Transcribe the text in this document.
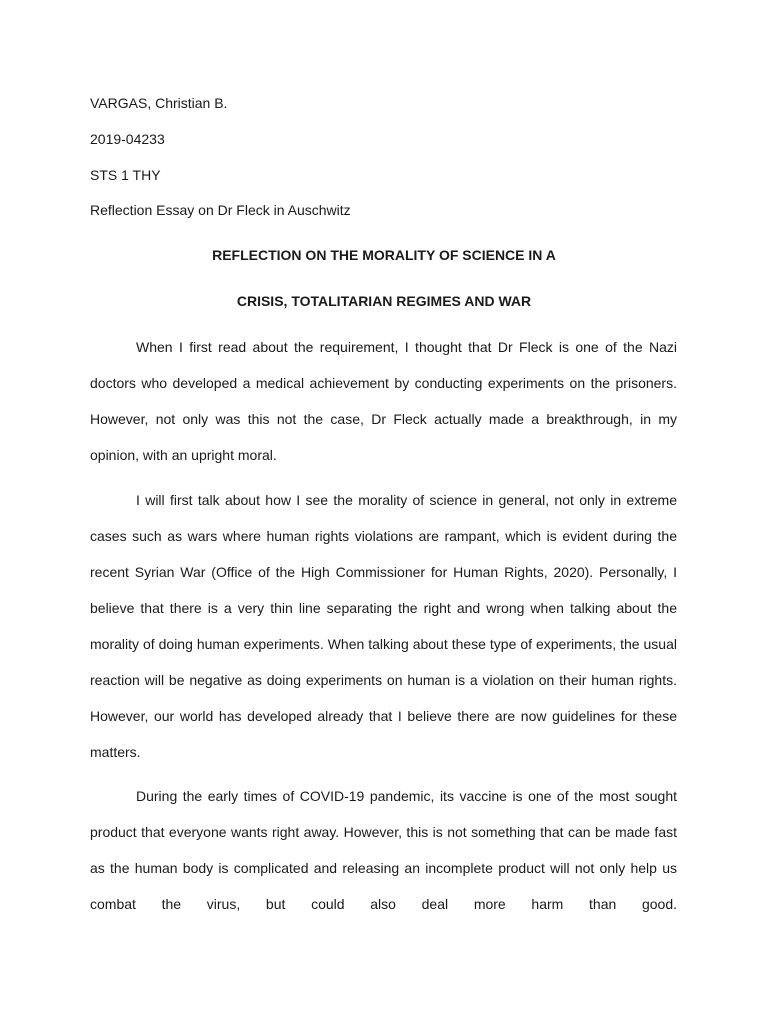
VARGAS, Christian B.

2019-04233

STS 1 THY

Reflection Essay on Dr Fleck in Auschwitz

REFLECTION ON THE MORALITY OF SCIENCE IN A

CRISIS, TOTALITARIAN REGIMES AND WAR

When I first read about the requirement, I thought that Dr Fleck is one of the Nazi doctors who developed a medical achievement by conducting experiments on the prisoners. However, not only was this not the case, Dr Fleck actually made a breakthrough, in my opinion, with an upright moral.

I will first talk about how I see the morality of science in general, not only in extreme cases such as wars where human rights violations are rampant, which is evident during the recent Syrian War (Office of the High Commissioner for Human Rights, 2020). Personally, I believe that there is a very thin line separating the right and wrong when talking about the morality of doing human experiments. When talking about these type of experiments, the usual reaction will be negative as doing experiments on human is a violation on their human rights. However, our world has developed already that I believe there are now guidelines for these matters.

During the early times of COVID-19 pandemic, its vaccine is one of the most sought product that everyone wants right away. However, this is not something that can be made fast as the human body is complicated and releasing an incomplete product will not only help us combat the virus, but could also deal more harm than good.
